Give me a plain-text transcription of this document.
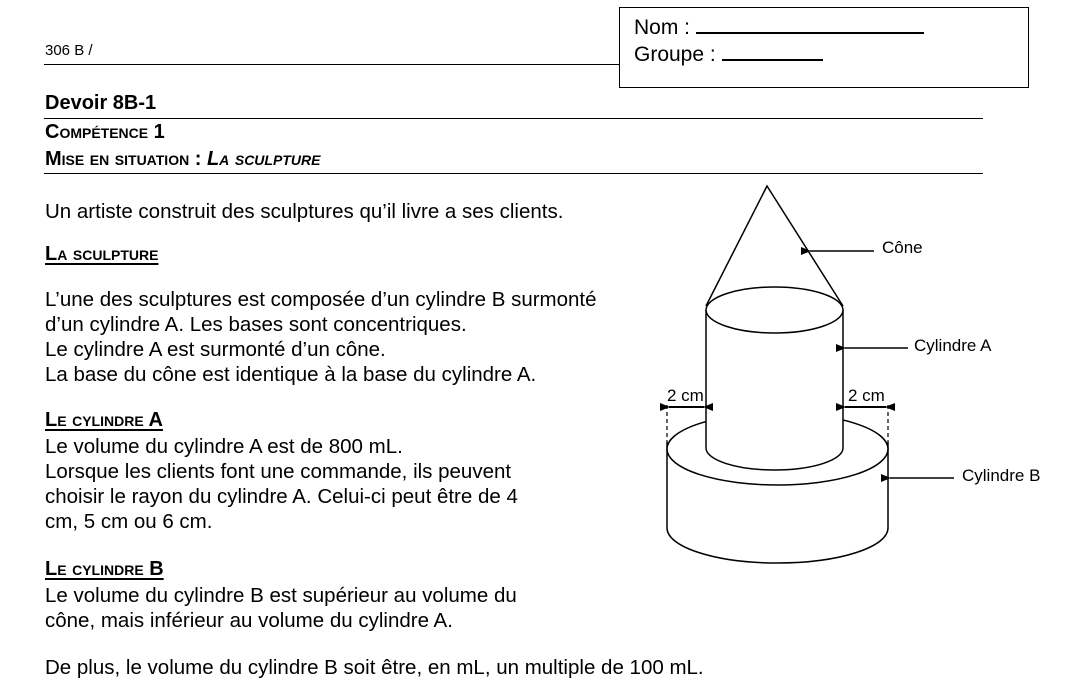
306 B /
Nom :
Groupe :
Devoir 8B-1
Compétence 1
Mise en situation : La sculpture
Un artiste construit des sculptures qu’il livre a ses clients.
La sculpture
L’une des sculptures est composée d’un cylindre B surmonté
d’un cylindre A. Les bases sont concentriques.
Le cylindre A est surmonté d’un cône.
La base du cône est identique à la base du cylindre A.
Le cylindre A
Le volume du cylindre A est de 800 mL.
Lorsque les clients font une commande, ils peuvent
choisir le rayon du cylindre A. Celui-ci peut être de 4
cm, 5 cm ou 6 cm.
Le cylindre B
Le volume du cylindre B est supérieur au volume du
cône, mais inférieur au volume du cylindre A.
De plus, le volume du cylindre B soit être, en mL, un multiple de 100 mL.
Cône
Cylindre A
Cylindre B
2 cm	2 cm
